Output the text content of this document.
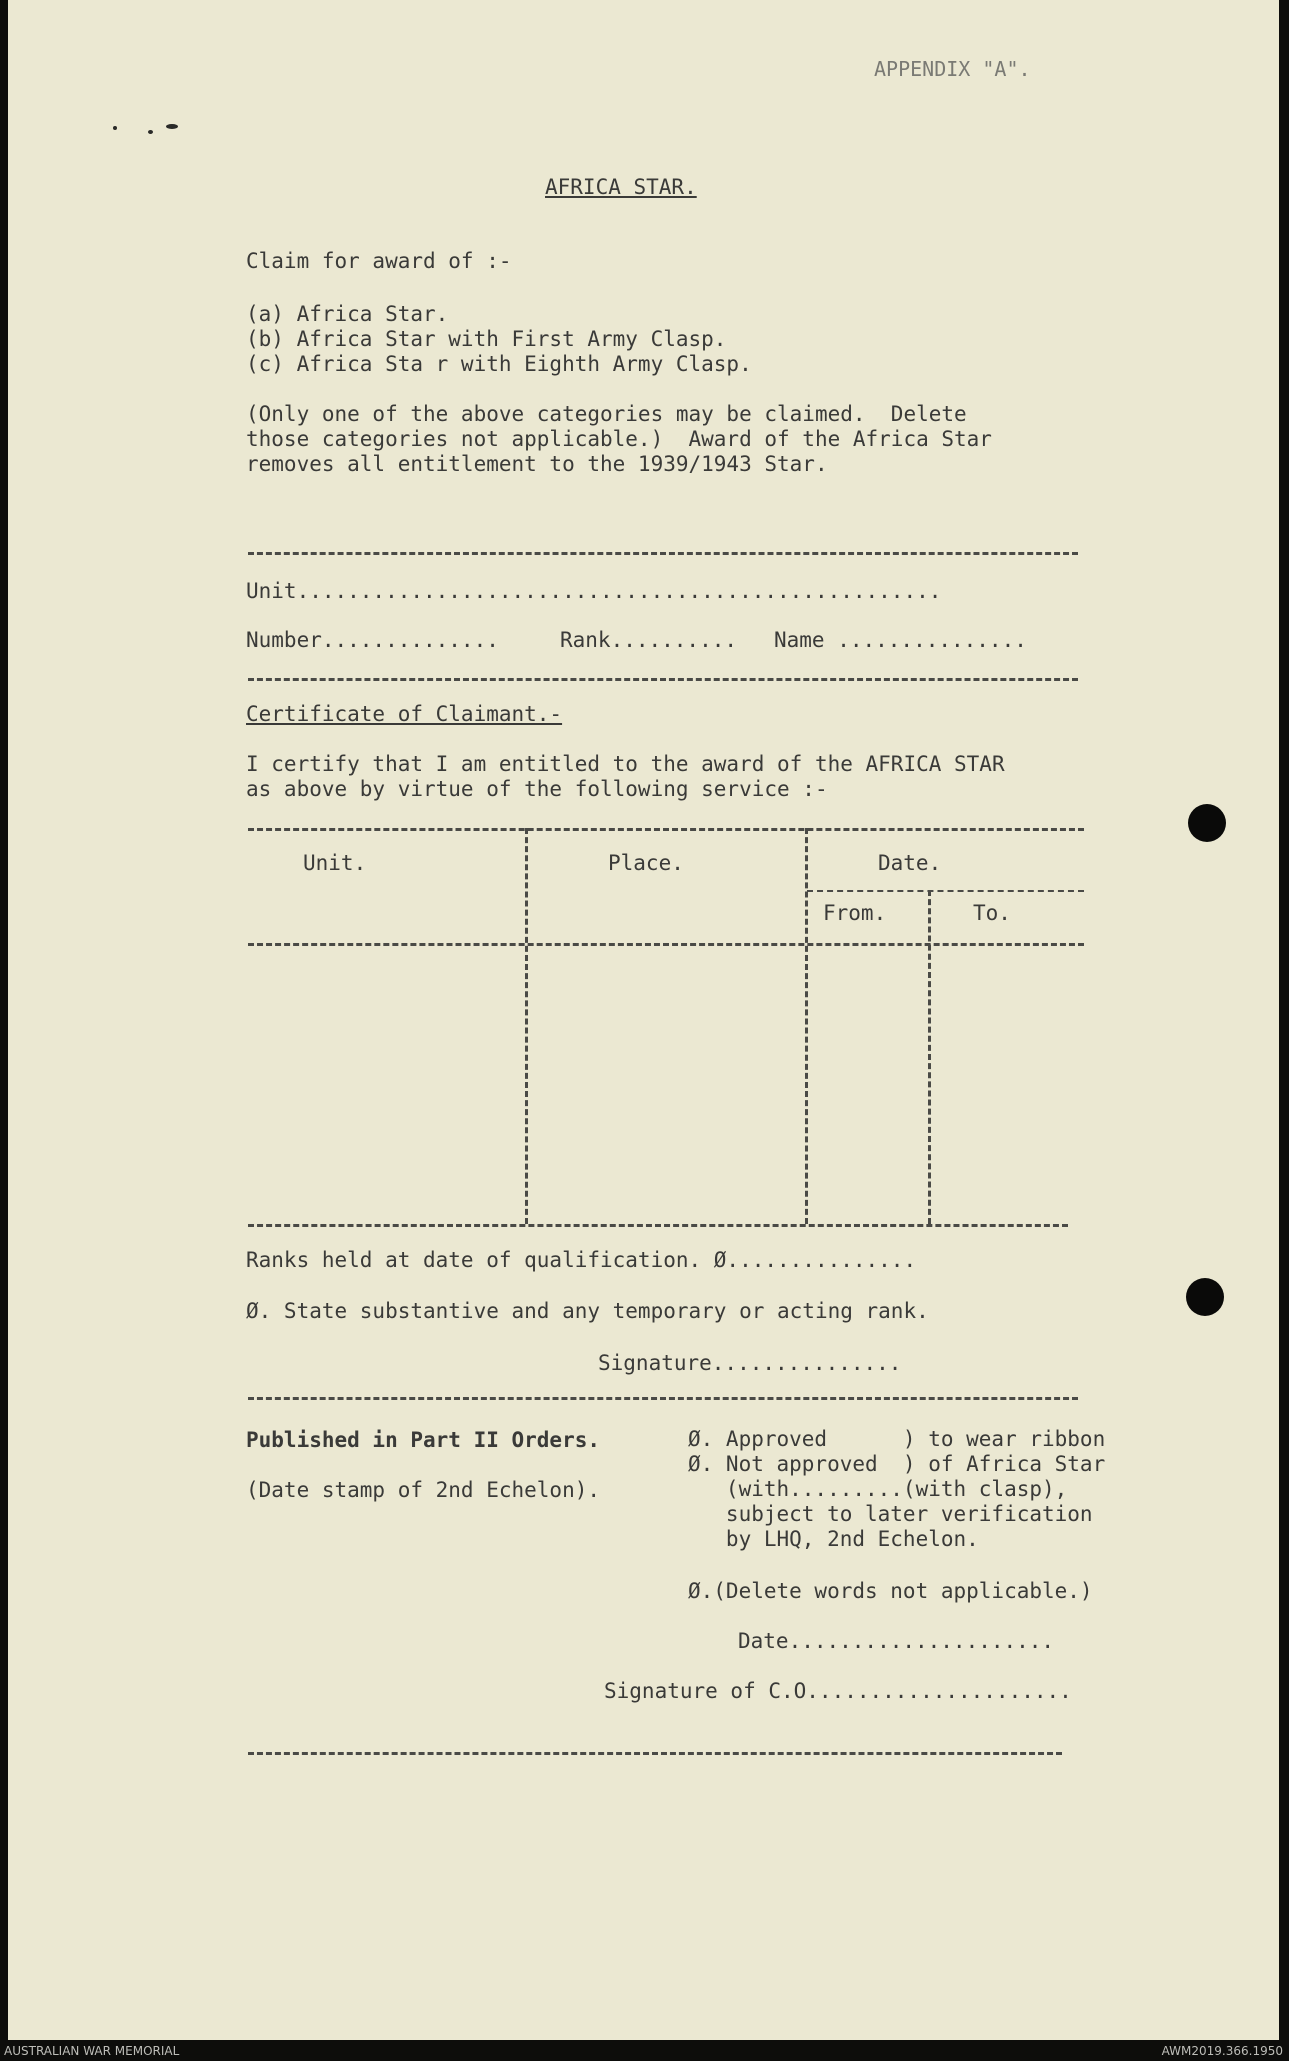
APPENDIX "A".

AFRICA STAR.

Claim for award of :-

(a) Africa Star.

(b) Africa Star with First Army Clasp.

(c) Africa Sta r with Eighth Army Clasp.

(Only one of the above categories may be claimed.  Delete

those categories not applicable.)  Award of the Africa Star

removes all entitlement to the 1939/1943 Star.

Unit...................................................

Number..............	Rank.......... Name ...............

Certificate of Claimant.-

I certify that I am entitled to the award of the AFRICA STAR

as above by virtue of the following service :-

Unit.	Place.	Date.

From.	To.

Ranks held at date of qualification. Ø...............

Ø. State substantive and any temporary or acting rank.

Signature...............

Published in Part II Orders.

(Date stamp of 2nd Echelon).

Ø. Approved      ) to wear ribbon

Ø. Not approved  ) of Africa Star

(with.........(with clasp),

subject to later verification

by LHQ, 2nd Echelon.

Ø.(Delete words not applicable.)

Date.....................

Signature of C.O.....................

AUSTRALIAN WAR MEMORIAL	AWM2019.366.1950
